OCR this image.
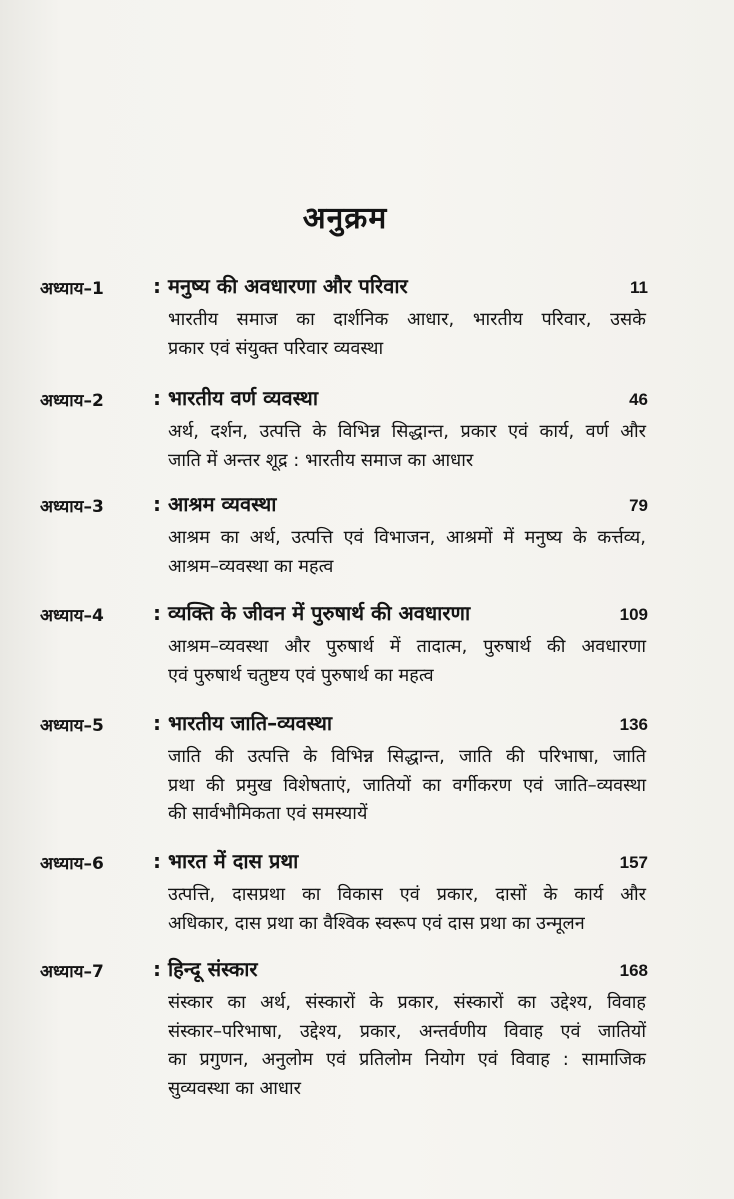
अनुक्रम
अध्याय–1	: मनुष्य की अवधारणा और परिवार	11
भारतीय समाज का दार्शनिक आधार, भारतीय परिवार, उसके
प्रकार एवं संयुक्त परिवार व्यवस्था
अध्याय–2	: भारतीय वर्ण व्यवस्था	46
अर्थ, दर्शन, उत्पत्ति के विभिन्न सिद्धान्त, प्रकार एवं कार्य, वर्ण और
जाति में अन्तर शूद्र : भारतीय समाज का आधार
अध्याय–3	: आश्रम व्यवस्था	79
आश्रम का अर्थ, उत्पत्ति एवं विभाजन, आश्रमों में मनुष्य के कर्त्तव्य,
आश्रम–व्यवस्था का महत्व
अध्याय–4	: व्यक्ति के जीवन में पुरुषार्थ की अवधारणा	109
आश्रम–व्यवस्था और पुरुषार्थ में तादात्म, पुरुषार्थ की अवधारणा
एवं पुरुषार्थ चतुष्टय एवं पुरुषार्थ का महत्व
अध्याय–5	: भारतीय जाति–व्यवस्था	136
जाति की उत्पत्ति के विभिन्न सिद्धान्त, जाति की परिभाषा, जाति
प्रथा की प्रमुख विशेषताएं, जातियों का वर्गीकरण एवं जाति–व्यवस्था
की सार्वभौमिकता एवं समस्यायें
अध्याय–6	: भारत में दास प्रथा	157
उत्पत्ति, दासप्रथा का विकास एवं प्रकार, दासों के कार्य और
अधिकार, दास प्रथा का वैश्विक स्वरूप एवं दास प्रथा का उन्मूलन
अध्याय–7	: हिन्दू संस्कार	168
संस्कार का अर्थ, संस्कारों के प्रकार, संस्कारों का उद्देश्य, विवाह
संस्कार–परिभाषा, उद्देश्य, प्रकार, अन्तर्वणीय विवाह एवं जातियों
का प्रगुणन, अनुलोम एवं प्रतिलोम नियोग एवं विवाह : सामाजिक
सुव्यवस्था का आधार
